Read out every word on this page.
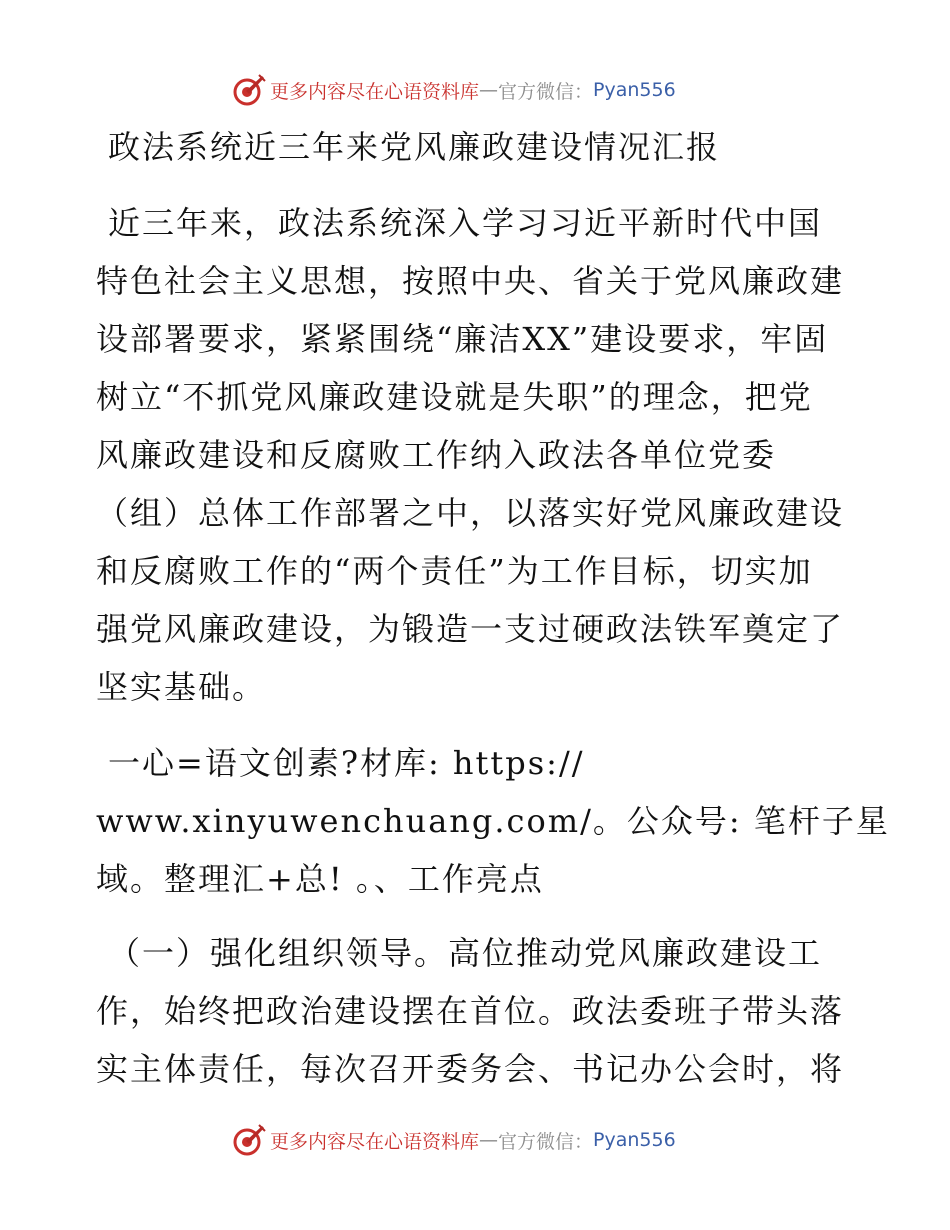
更多内容尽在心语资料库 — 官方微信： Pyan556
政法系统近三年来党风廉政建设情况汇报
近三年来，政法系统深入学习习近平新时代中国
特色社会主义思想，按照中央、省关于党风廉政建
设部署要求，紧紧围绕“廉洁XX”建设要求，牢固
树立“不抓党风廉政建设就是失职”的理念，把党
风廉政建设和反腐败工作纳入政法各单位党委
（组）总体工作部署之中，以落实好党风廉政建设
和反腐败工作的“两个责任”为工作目标，切实加
强党风廉政建设，为锻造一支过硬政法铁军奠定了
坚实基础。
一心=语文创素?材库: https://
www.xinyuwenchuang.com/。公众号: 笔杆子星
域。整理汇+总! 。、工作亮点
（一）强化组织领导。高位推动党风廉政建设工
作，始终把政治建设摆在首位。政法委班子带头落
实主体责任，每次召开委务会、书记办公会时，将
更多内容尽在心语资料库 — 官方微信： Pyan556
